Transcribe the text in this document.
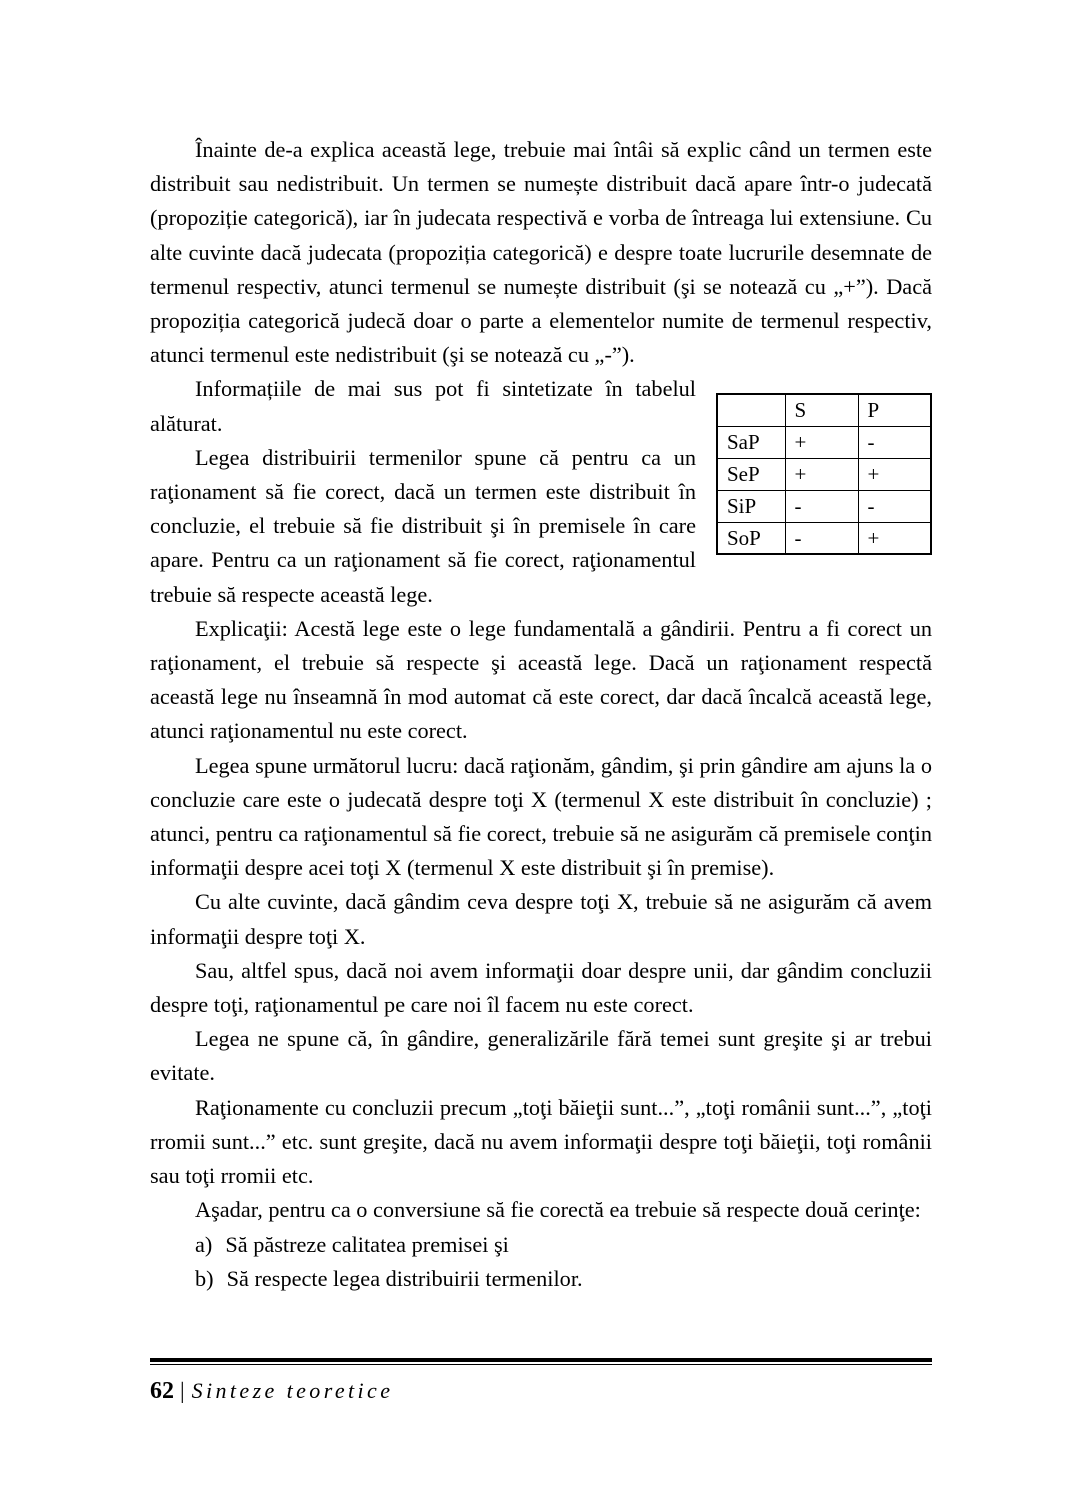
Înainte de-a explica această lege, trebuie mai întâi să explic când un termen este distribuit sau nedistribuit. Un termen se numește distribuit dacă apare într-o judecată (propoziție categorică), iar în judecata respectivă e vorba de întreaga lui extensiune. Cu alte cuvinte dacă judecata (propoziția categorică) e despre toate lucrurile desemnate de termenul respectiv, atunci termenul se numește distribuit (şi se notează cu „+”). Dacă propoziția categorică judecă doar o parte a elementelor numite de termenul respectiv, atunci termenul este nedistribuit (şi se notează cu „-”).

	S	P
SaP	+	-
SeP	+	+
SiP	-	-
SoP	-	+

Informațiile de mai sus pot fi sintetizate în tabelul alăturat.

Legea distribuirii termenilor spune că pentru ca un raţionament să fie corect, dacă un termen este distribuit în concluzie, el trebuie să fie distribuit şi în premisele în care apare. Pentru ca un raţionament să fie corect, raţionamentul trebuie să respecte această lege.

Explicaţii: Acestă lege este o lege fundamentală a gândirii. Pentru a fi corect un raţionament, el trebuie să respecte şi această lege. Dacă un raţionament respectă această lege nu înseamnă în mod automat că este corect, dar dacă încalcă această lege, atunci raţionamentul nu este corect.

Legea spune următorul lucru: dacă raţionăm, gândim, şi prin gândire am ajuns la o concluzie care este o judecată despre toţi X (termenul X este distribuit în concluzie) ; atunci, pentru ca raţionamentul să fie corect, trebuie să ne asigurăm că premisele conţin informaţii despre acei toţi X (termenul X este distribuit şi în premise).

Cu alte cuvinte, dacă gândim ceva despre toţi X, trebuie să ne asigurăm că avem informaţii despre toţi X.

Sau, altfel spus, dacă noi avem informaţii doar despre unii, dar gândim concluzii despre toţi, raţionamentul pe care noi îl facem nu este corect.

Legea ne spune că, în gândire, generalizările fără temei sunt greşite şi ar trebui evitate.

Raţionamente cu concluzii precum „toţi băieţii sunt...”, „toţi românii sunt...”, „toţi rromii sunt...” etc. sunt greşite, dacă nu avem informaţii despre toţi băieţii, toţi românii sau toţi rromii etc.

Aşadar, pentru ca o conversiune să fie corectă ea trebuie să respecte două cerinţe:

a) Să păstreze calitatea premisei şi
b) Să respecte legea distribuirii termenilor.
62 | Sinteze teoretice
